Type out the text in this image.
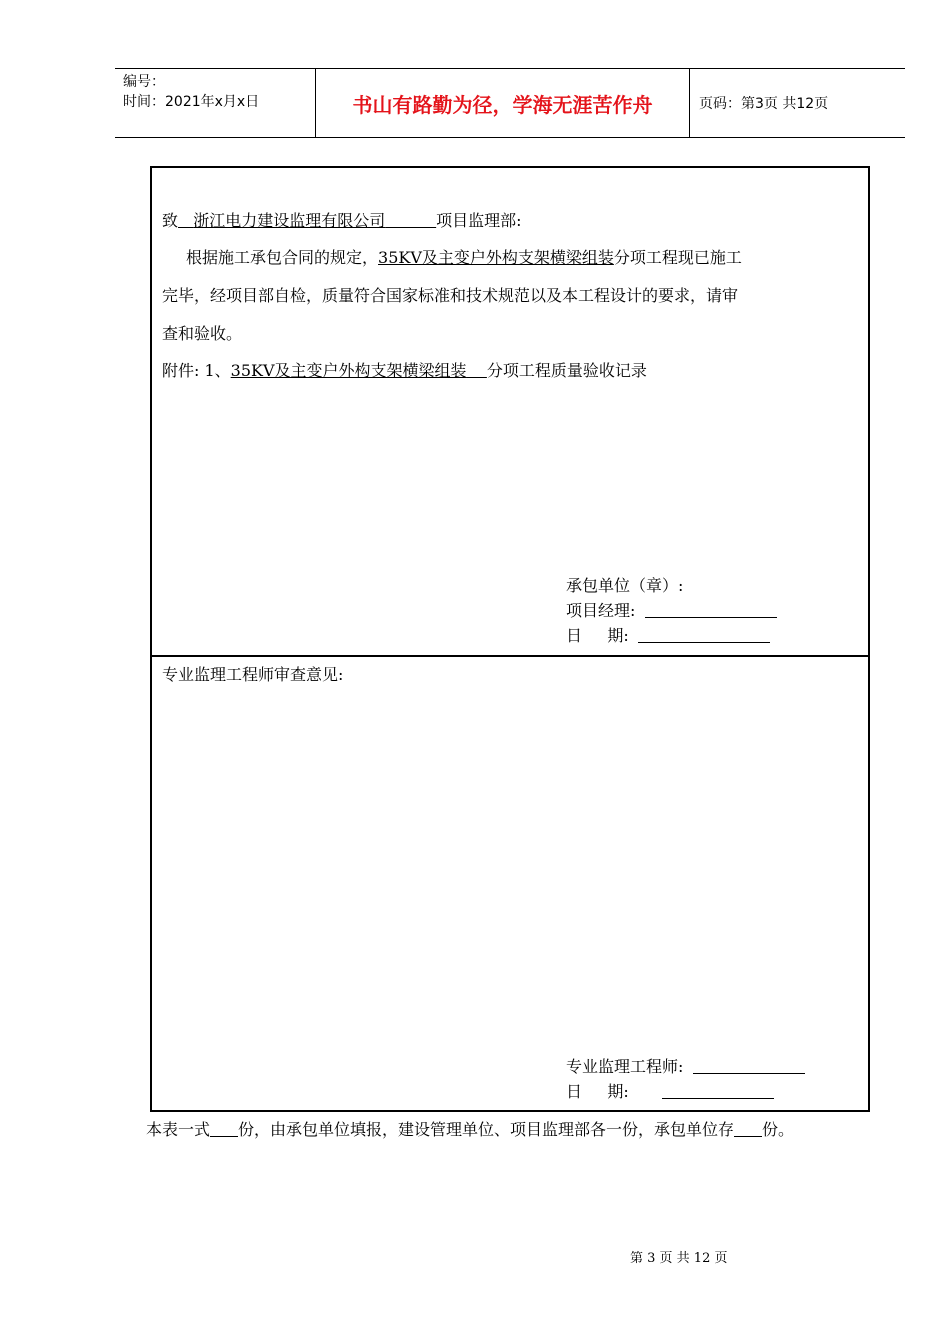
编号：
时间：2021年x月x日	书山有路勤为径，学海无涯苦作舟	页码：第3页 共12页
致 浙江电力建设监理有限公司	项目监理部:
根据施工承包合同的规定，35KV及主变户外构支架横梁组装分项工程现已施工
完毕，经项目部自检，质量符合国家标准和技术规范以及本工程设计的要求，请审
查和验收。
附件: 1、35KV及主变户外构支架横梁组装 分项工程质量验收记录
承包单位（章）:
项目经理:
日     期:
专业监理工程师审查意见:
专业监理工程师:
日     期:
本表一式 份，由承包单位填报，建设管理单位、项目监理部各一份，承包单位存 份。
第 3 页 共 12 页
